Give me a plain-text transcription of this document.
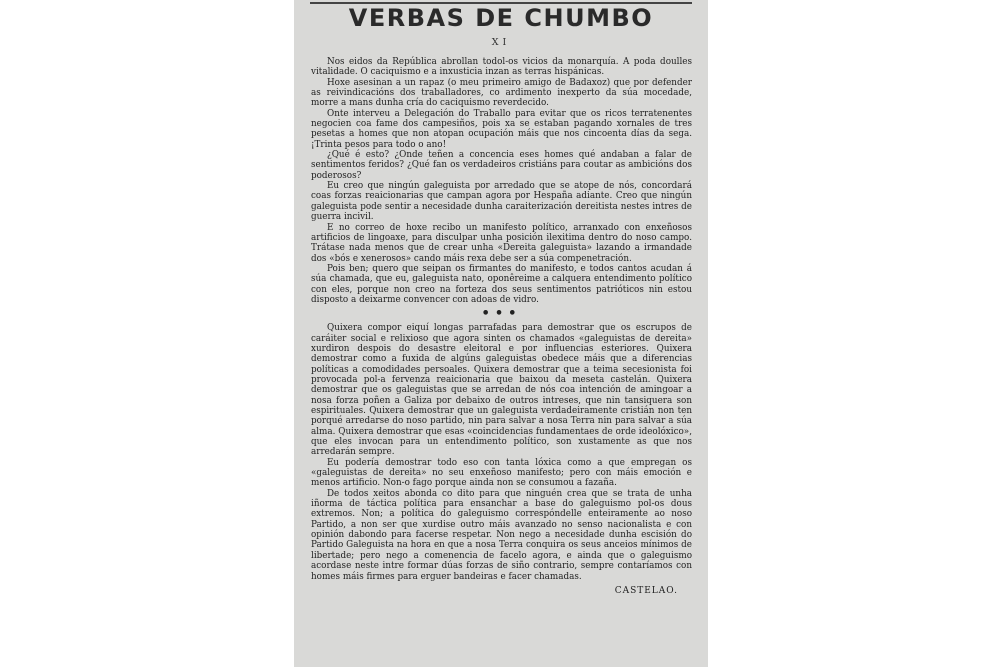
VERBAS DE CHUMBO
XI

Nos eidos da República abrollan todol-os vicios da monarquía. A poda doulles vitalidade. O caciquismo e a inxusticia inzan as terras hispánicas.

Hoxe asesinan a un rapaz (o meu primeiro amigo de Badaxoz) que por defender as reivindicacións dos traballadores, co ardimento inexperto da súa mocedade, morre a mans dunha cría do caciquismo reverdecido.

Onte interveu a Delegación do Traballo para evitar que os ricos terratenentes negocien coa fame dos campesiños, pois xa se estaban pagando xornales de tres pesetas a homes que non atopan ocupación máis que nos cincoenta días da sega. ¡Trinta pesos para todo o ano!

¿Qué é esto? ¿Onde teñen a concencia eses homes qué andaban a falar de sentimentos feridos? ¿Qué fan os verdadeiros cristiáns para coutar as ambicións dos poderosos?

Eu creo que ningún galeguista por arredado que se atope de nós, concordará coas forzas reaicionarias que campan agora por Hespaña adiante. Creo que ningún galeguista pode sentir a necesidade dunha caraiterización dereitista nestes intres de guerra incivil.

E no correo de hoxe recibo un manifesto político, arranxado con enxeñosos artificios de lingoaxe, para disculpar unha posición ilexitima dentro do noso campo. Trátase nada menos que de crear unha «Dereita galeguista» lazando a irmandade dos «bós e xenerosos» cando máis rexa debe ser a súa compenetración.

Pois ben; quero que seipan os firmantes do manifesto, e todos cantos acudan á súa chamada, que eu, galeguista nato, oponêreime a calquera entendimento político con eles, porque non creo na forteza dos seus sentimentos patrióticos nin estou disposto a deixarme convencer con adoas de vidro.

•••

Quixera compor eiquí longas parrafadas para demostrar que os escrupos de caráiter social e relixioso que agora sinten os chamados «galeguistas de dereita» xurdiron despois do desastre eleitoral e por influencias esteriores. Quixera demostrar como a fuxida de algúns galeguistas obedece máis que a diferencias políticas a comodidades persoales. Quixera demostrar que a teima secesionista foi provocada pol-a fervenza reaicionaria que baixou da meseta castelán. Quixera demostrar que os galeguistas que se arredan de nós coa intención de amingoar a nosa forza poñen a Galiza por debaixo de outros intreses, que nin tansiquera son espirituales. Quixera demostrar que un galeguista verdadeiramente cristián non ten porqué arredarse do noso partido, nin para salvar a nosa Terra nin para salvar a súa alma. Quixera demostrar que esas «coincidencias fundamentaes de orde ideolóxico», que eles invocan para un entendimento político, son xustamente as que nos arredarán sempre.

Eu podería demostrar todo eso con tanta lóxica como a que empregan os «galeguistas de dereita» no seu enxeñoso manifesto; pero con máis emoción e menos artificio. Non-o fago porque ainda non se consumou a fazaña.

De todos xeitos abonda co dito para que ninguén crea que se trata de unha iñorma de táctica política para ensanchar a base do galeguismo pol-os dous extremos. Non; a política do galeguismo correspóndelle enteiramente ao noso Partido, a non ser que xurdise outro máis avanzado no senso nacionalista e con opinión dabondo para facerse respetar. Non nego a necesidade dunha escisión do Partido Galeguista na hora en que a nosa Terra conquira os seus anceios mínimos de libertade; pero nego a comenencia de facelo agora, e ainda que o galeguismo acordase neste intre formar dúas forzas de siño contrario, sempre contaríamos con homes máis firmes para erguer bandeiras e facer chamadas.

CASTELAO.
